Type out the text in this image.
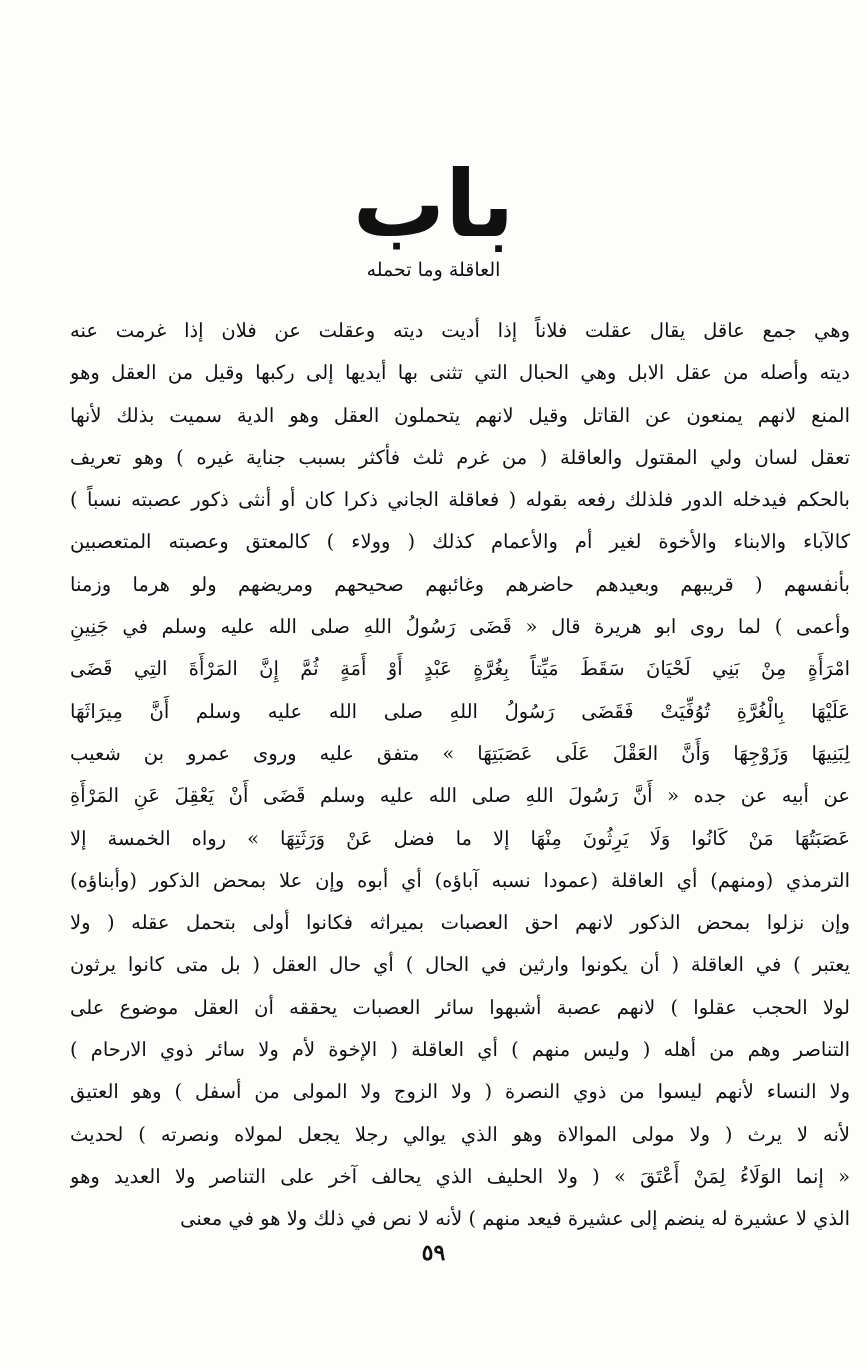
باب
العاقلة وما تحمله
وهي جمع عاقل يقال عقلت فلاناً إذا أديت ديته وعقلت عن فلان إذا غرمت عنه
ديته وأصله من عقل الابل وهي الحبال التي تثنى بها أيديها إلى ركبها وقيل من العقل وهو
المنع لانهم يمنعون عن القاتل وقيل لانهم يتحملون العقل وهو الدية سميت بذلك لأنها
تعقل لسان ولي المقتول والعاقلة ( من غرم ثلث فأكثر بسبب جناية غيره ) وهو تعريف
بالحكم فيدخله الدور فلذلك رفعه بقوله ( فعاقلة الجاني ذكرا كان أو أنثى ذكور عصبته نسباً )
كالآباء والابناء والأخوة لغير أم والأعمام كذلك ( وولاء ) كالمعتق وعصبته المتعصبين
بأنفسهم ( قريبهم وبعيدهم حاضرهم وغائبهم صحيحهم ومريضهم ولو هرما وزمنا
وأعمى ) لما روى ابو هريرة قال « قَضَى رَسُولُ اللهِ صلى الله عليه وسلم في جَنِينِ
امْرَأَةٍ مِنْ بَنِي لَحْيَانَ سَقَطَ مَيِّتاً بِغُرَّةٍ عَبْدٍ أَوْ أَمَةٍ ثُمَّ إِنَّ المَرْأَةَ التِي قَضَى
عَلَيْهَا بِالْغُرَّةِ تُوُفِّيَتْ فَقَضَى رَسُولُ اللهِ صلى الله عليه وسلم أَنَّ مِيرَاثَهَا
لِبَنِيهَا وَزَوْجِهَا وَأَنَّ العَقْلَ عَلَى عَصَبَتِهَا » متفق عليه وروى عمرو بن شعيب
عن أبيه عن جده « أَنَّ رَسُولَ اللهِ صلى الله عليه وسلم قَضَى أَنْ يَعْقِلَ عَنِ المَرْأَةِ
عَصَبَتُهَا مَنْ كَانُوا وَلَا يَرِثُونَ مِنْهَا إلا ما فضل عَنْ وَرَثَتِهَا » رواه الخمسة إلا
الترمذي (ومنهم) أي العاقلة (عمودا نسبه آباؤه) أي أبوه وإن علا بمحض الذكور (وأبناؤه)
وإن نزلوا بمحض الذكور لانهم احق العصبات بميراثه فكانوا أولى بتحمل عقله ( ولا
يعتبر ) في العاقلة ( أن يكونوا وارثين في الحال ) أي حال العقل ( بل متى كانوا يرثون
لولا الحجب عقلوا ) لانهم عصبة أشبهوا سائر العصبات يحققه أن العقل موضوع على
التناصر وهم من أهله ( وليس منهم ) أي العاقلة ( الإخوة لأم ولا سائر ذوي الارحام )
ولا النساء لأنهم ليسوا من ذوي النصرة ( ولا الزوج ولا المولى من أسفل ) وهو العتيق
لأنه لا يرث ( ولا مولى الموالاة وهو الذي يوالي رجلا يجعل لمولاه ونصرته ) لحديث
« إنما الوَلَاءُ لِمَنْ أَعْتَقَ » ( ولا الحليف الذي يحالف آخر على التناصر ولا العديد وهو
الذي لا عشيرة له ينضم إلى عشيرة فيعد منهم ) لأنه لا نص في ذلك ولا هو في معنى
٥٩
